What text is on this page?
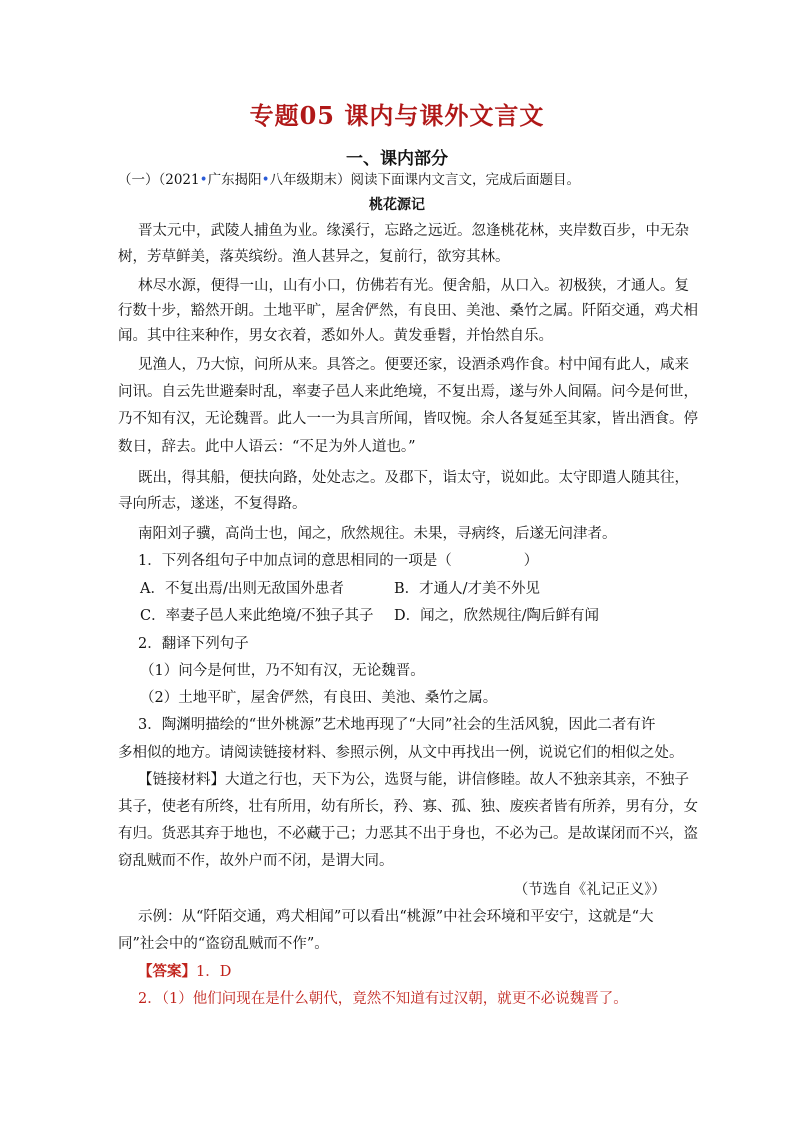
专题05 课内与课外文言文
一、课内部分
（一）（2021•广东揭阳•八年级期末）阅读下面课内文言文，完成后面题目。
桃花源记
晋太元中，武陵人捕鱼为业。缘溪行，忘路之远近。忽逢桃花林，夹岸数百步，中无杂
树，芳草鲜美，落英缤纷。渔人甚异之，复前行，欲穷其林。
林尽水源，便得一山，山有小口，仿佛若有光。便舍船，从口入。初极狭，才通人。复
行数十步，豁然开朗。土地平旷，屋舍俨然，有良田、美池、桑竹之属。阡陌交通，鸡犬相
闻。其中往来种作，男女衣着，悉如外人。黄发垂髫，并怡然自乐。
见渔人，乃大惊，问所从来。具答之。便要还家，设酒杀鸡作食。村中闻有此人，咸来
问讯。自云先世避秦时乱，率妻子邑人来此绝境，不复出焉，遂与外人间隔。问今是何世，
乃不知有汉，无论魏晋。此人一一为具言所闻，皆叹惋。余人各复延至其家，皆出酒食。停
数日，辞去。此中人语云：“不足为外人道也。”
既出，得其船，便扶向路，处处志之。及郡下，诣太守，说如此。太守即遣人随其往，
寻向所志，遂迷，不复得路。
南阳刘子骥，高尚士也，闻之，欣然规往。未果，寻病终，后遂无问津者。
1．下列各组句子中加点词的意思相同的一项是（	）
A．不复出焉/出则无敌国外患者	B．才通人/才美不外见
C．率妻子邑人来此绝境/不独子其子 D．闻之，欣然规往/陶后鲜有闻
2．翻译下列句子
（1）问今是何世，乃不知有汉，无论魏晋。
（2）土地平旷，屋舍俨然，有良田、美池、桑竹之属。
3．陶渊明描绘的“世外桃源”艺术地再现了“大同”社会的生活风貌，因此二者有许
多相似的地方。请阅读链接材料、参照示例，从文中再找出一例，说说它们的相似之处。
【链接材料】大道之行也，天下为公，选贤与能，讲信修睦。故人不独亲其亲，不独子
其子，使老有所终，壮有所用，幼有所长，矜、寡、孤、独、废疾者皆有所养，男有分，女
有归。货恶其弃于地也，不必藏于己；力恶其不出于身也，不必为己。是故谋闭而不兴，盗
窃乱贼而不作，故外户而不闭，是谓大同。
（节选自《礼记正义》）
示例：从“阡陌交通，鸡犬相闻”可以看出“桃源”中社会环境和平安宁，这就是“大
同”社会中的“盗窃乱贼而不作”。
【答案】1．D
2．（1）他们问现在是什么朝代，竟然不知道有过汉朝，就更不必说魏晋了。
